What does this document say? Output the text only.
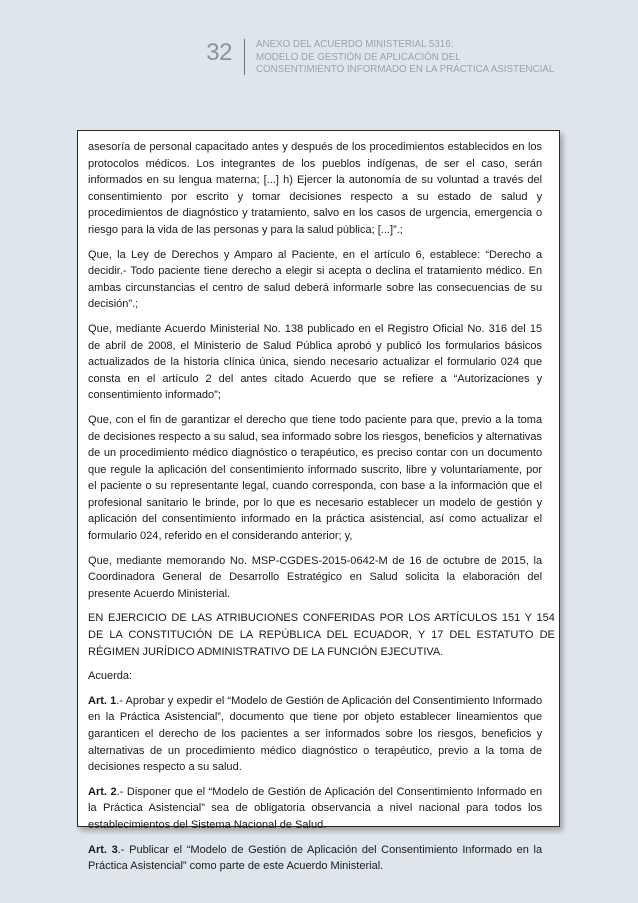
32 ANEXO DEL ACUERDO MINISTERIAL 5316:
MODELO DE GESTIÓN DE APLICACIÓN DEL
CONSENTIMIENTO INFORMADO EN LA PRÁCTICA ASISTENCIAL

asesoría de personal capacitado antes y después de los procedimientos establecidos en los protocolos médicos. Los integrantes de los pueblos indígenas, de ser el caso, serán informados en su lengua materna; [...] h) Ejercer la autonomía de su voluntad a través del consentimiento por escrito y tomar decisiones respecto a su estado de salud y procedimientos de diagnóstico y tratamiento, salvo en los casos de urgencia, emergencia o riesgo para la vida de las personas y para la salud pública; [...]”.;

Que, la Ley de Derechos y Amparo al Paciente, en el artículo 6, establece: “Derecho a decidir.- Todo paciente tiene derecho a elegir si acepta o declina el tratamiento médico. En ambas circunstancias el centro de salud deberá informarle sobre las consecuencias de su decisión”.;

Que, mediante Acuerdo Ministerial No. 138 publicado en el Registro Oficial No. 316 del 15 de abril de 2008, el Ministerio de Salud Pública aprobó y publicó los formularios básicos actualizados de la historia clínica única, siendo necesario actualizar el formulario 024 que consta en el artículo 2 del antes citado Acuerdo que se refiere a “Autorizaciones y consentimiento informado”;

Que, con el fin de garantizar el derecho que tiene todo paciente para que, previo a la toma de decisiones respecto a su salud, sea informado sobre los riesgos, beneficios y alternativas de un procedimiento médico diagnóstico o terapéutico, es preciso contar con un documento que regule la aplicación del consentimiento informado suscrito, libre y voluntariamente, por el paciente o su representante legal, cuando corresponda, con base a la información que el profesional sanitario le brinde, por lo que es necesario establecer un modelo de gestión y aplicación del consentimiento informado en la práctica asistencial, así como actualizar el formulario 024, referido en el considerando anterior; y,

Que, mediante memorando No. MSP-CGDES-2015-0642-M de 16 de octubre de 2015, la Coordinadora General de Desarrollo Estratégico en Salud solicita la elaboración del presente Acuerdo Ministerial.

EN EJERCICIO DE LAS ATRIBUCIONES CONFERIDAS POR LOS ARTÍCULOS 151 Y 154 DE LA CONSTITUCIÓN DE LA REPÚBLICA DEL ECUADOR, Y 17 DEL ESTATUTO DE RÉGIMEN JURÍDICO ADMINISTRATIVO DE LA FUNCIÓN EJECUTIVA.

Acuerda:

Art. 1.- Aprobar y expedir el “Modelo de Gestión de Aplicación del Consentimiento Informado en la Práctica Asistencial”, documento que tiene por objeto establecer lineamientos que garanticen el derecho de los pacientes a ser informados sobre los riesgos, beneficios y alternativas de un procedimiento médico diagnóstico o terapéutico, previo a la toma de decisiones respecto a su salud.

Art. 2.- Disponer que el “Modelo de Gestión de Aplicación del Consentimiento Informado en la Práctica Asistencial” sea de obligatoria observancia a nivel nacional para todos los establecimientos del Sistema Nacional de Salud.

Art. 3.- Publicar el “Modelo de Gestión de Aplicación del Consentimiento Informado en la Práctica Asistencial” como parte de este Acuerdo Ministerial.
